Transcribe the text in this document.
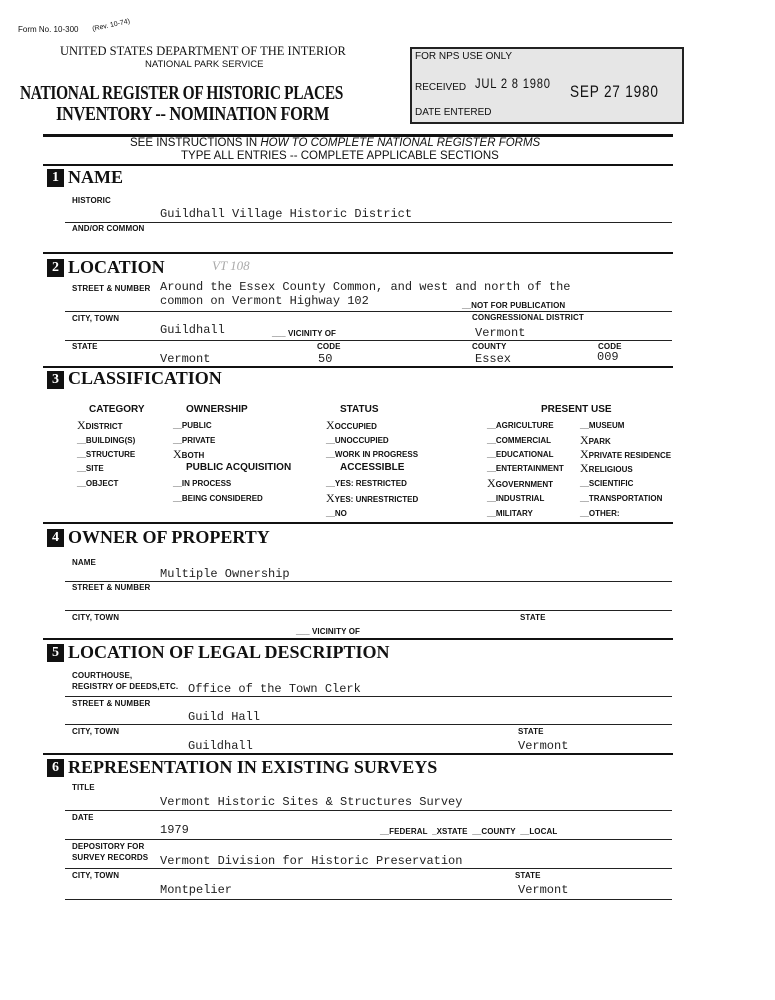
Form No. 10-300 (Rev. 10-74)
UNITED STATES DEPARTMENT OF THE INTERIOR
NATIONAL PARK SERVICE
NATIONAL REGISTER OF HISTORIC PLACES
INVENTORY -- NOMINATION FORM
FOR NPS USE ONLY
RECEIVED JUL 2 8 1980 SEP 27 1980
DATE ENTERED
SEE INSTRUCTIONS IN HOW TO COMPLETE NATIONAL REGISTER FORMS
TYPE ALL ENTRIES -- COMPLETE APPLICABLE SECTIONS
1 NAME
HISTORIC
Guildhall Village Historic District
AND/OR COMMON
2 LOCATION	VT 108
STREET & NUMBER Around the Essex County Common, and west and north of the
common on Vermont Highway 102	__NOT FOR PUBLICATION
CITY, TOWN	CONGRESSIONAL DISTRICT
Guildhall	___ VICINITY OF	Vermont
STATE	CODE	COUNTY	CODE
Vermont	50	Essex	009
3 CLASSIFICATION
CATEGORY
XDISTRICT
__BUILDING(S)
__STRUCTURE
__SITE
__OBJECT
OWNERSHIP
__PUBLIC
__PRIVATE
XBOTH
PUBLIC ACQUISITION
__IN PROCESS
__BEING CONSIDERED
STATUS
XOCCUPIED
__UNOCCUPIED
__WORK IN PROGRESS
ACCESSIBLE
__YES: RESTRICTED
XYES: UNRESTRICTED
__NO
PRESENT USE
__AGRICULTURE
__COMMERCIAL
__EDUCATIONAL
__ENTERTAINMENT
XGOVERNMENT
__INDUSTRIAL
__MILITARY
__MUSEUM
XPARK
XPRIVATE RESIDENCE
XRELIGIOUS
__SCIENTIFIC
__TRANSPORTATION
__OTHER:
4 OWNER OF PROPERTY
NAME
Multiple Ownership
STREET & NUMBER
CITY, TOWN	STATE
___ VICINITY OF
5 LOCATION OF LEGAL DESCRIPTION
COURTHOUSE,
REGISTRY OF DEEDS,ETC. Office of the Town Clerk
STREET & NUMBER
Guild Hall
CITY, TOWN	STATE
Guildhall	Vermont
6 REPRESENTATION IN EXISTING SURVEYS
TITLE
Vermont Historic Sites & Structures Survey
DATE
1979	__FEDERAL  _XSTATE  __COUNTY  __LOCAL
DEPOSITORY FOR
SURVEY RECORDS Vermont Division for Historic Preservation
CITY, TOWN	STATE
Montpelier	Vermont
